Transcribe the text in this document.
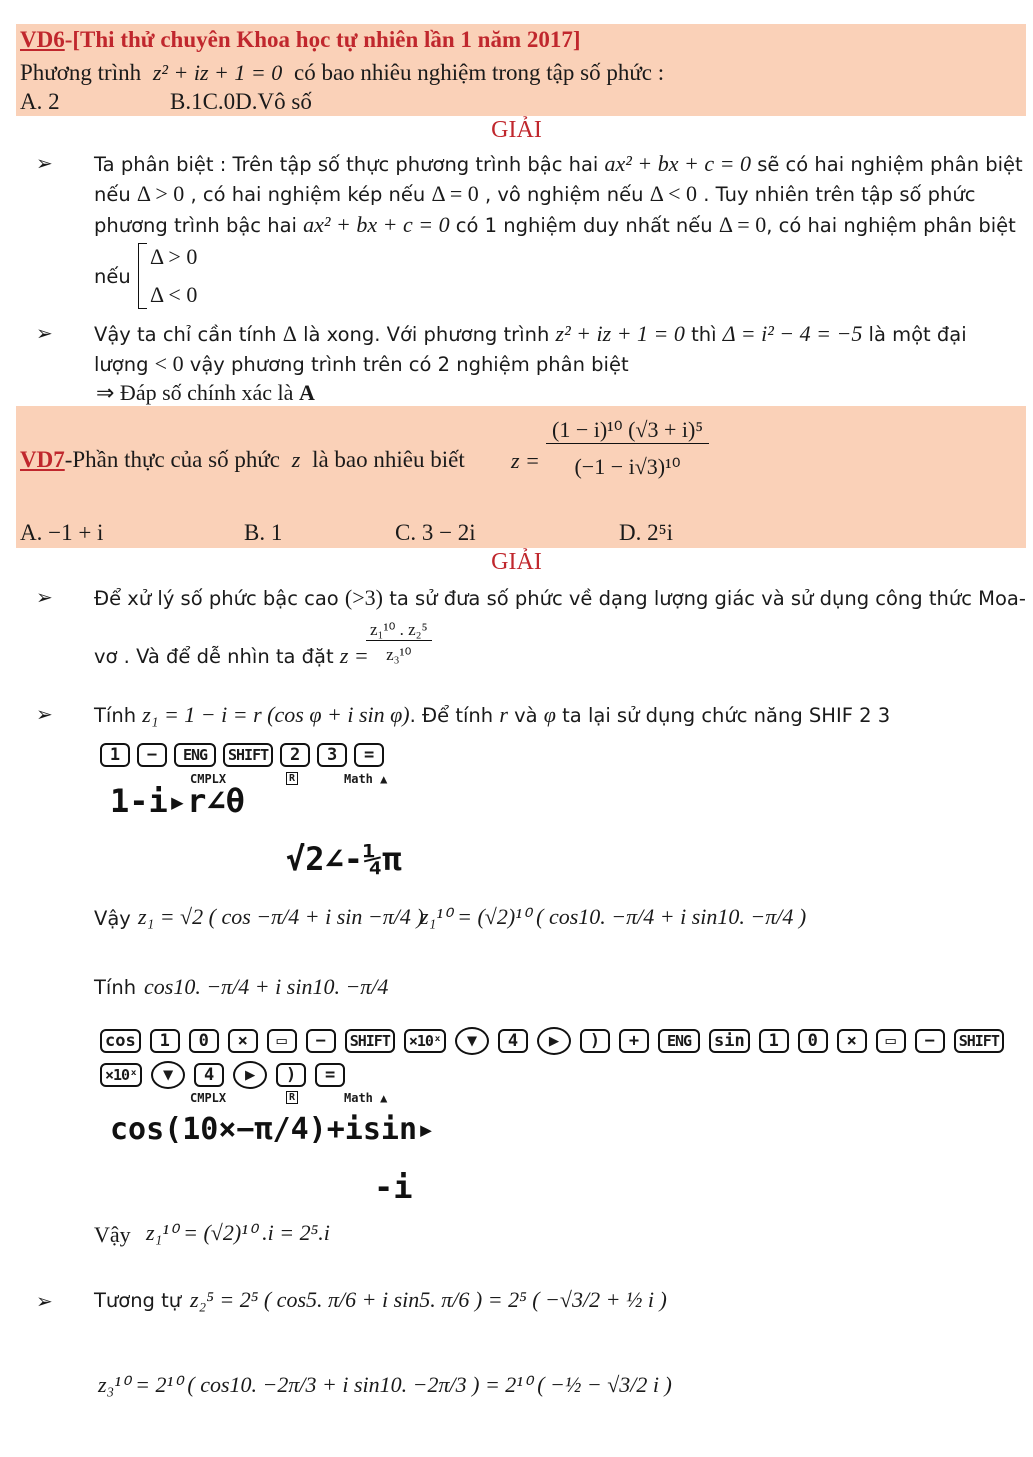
VD6-[Thi thử chuyên Khoa học tự nhiên lần 1 năm 2017]
Phương trình z² + iz + 1 = 0 có bao nhiêu nghiệm trong tập số phức :
A. 2	B.1C.0D.Vô số
GIẢI
➢ Ta phân biệt : Trên tập số thực phương trình bậc hai ax² + bx + c = 0 sẽ có hai nghiệm phân biệt
nếu Δ > 0 , có hai nghiệm kép nếu Δ = 0 , vô nghiệm nếu Δ < 0 . Tuy nhiên trên tập số phức
phương trình bậc hai ax² + bx + c = 0 có 1 nghiệm duy nhất nếu Δ = 0, có hai nghiệm phân biệt
nếu
Δ > 0
Δ < 0
➢ Vậy ta chỉ cần tính Δ là xong. Với phương trình z² + iz + 1 = 0 thì Δ = i² − 4 = −5 là một đại
lượng < 0 vậy phương trình trên có 2 nghiệm phân biệt
⇒ Đáp số chính xác là A
VD7-Phần thực của số phức z là bao nhiêu biết z =
(1 − i)¹⁰ (√3 + i)⁵
(−1 − i√3)¹⁰
A. −1 + i	B. 1	C. 3 − 2i	D. 2⁵i
GIẢI
➢ Để xử lý số phức bậc cao (>3) ta sử đưa số phức về dạng lượng giác và sử dụng công thức Moa-
vơ . Và để dễ nhìn ta đặt z =
z₁¹⁰ . z₂⁵
z₃¹⁰
➢ Tính z₁ = 1 − i = r (cos φ + i sin φ). Để tính r và φ ta lại sử dụng chức năng SHIF 2 3
1	−	ENG	SHIFT	2	3	=
CMPLX	R	Math ▲
1-i▸r∠θ
√2∠-¼π
Vậy z₁ = √2 ( cos −π/4 + i sin −π/4 )
z₁¹⁰ = (√2)¹⁰ ( cos10. −π/4 + i sin10. −π/4 )
Tính cos10. −π/4 + i sin10. −π/4
cos	1	0	×	▭	−	SHIFT	×10ˣ	▼	4	▶	)	+	ENG	sin	1	0	×	▭	−	SHIFT
×10ˣ	▼	4	▶	)	=
CMPLX	R	Math ▲
cos(10×−π/4)+isin▸
-i
Vậy z₁¹⁰ = (√2)¹⁰ .i = 2⁵.i
➢ Tương tự z₂⁵ = 2⁵ ( cos5. π/6 + i sin5. π/6 ) = 2⁵ ( −√3/2 + ½ i )
z₃¹⁰ = 2¹⁰ ( cos10. −2π/3 + i sin10. −2π/3 ) = 2¹⁰ ( −½ − √3/2 i )
